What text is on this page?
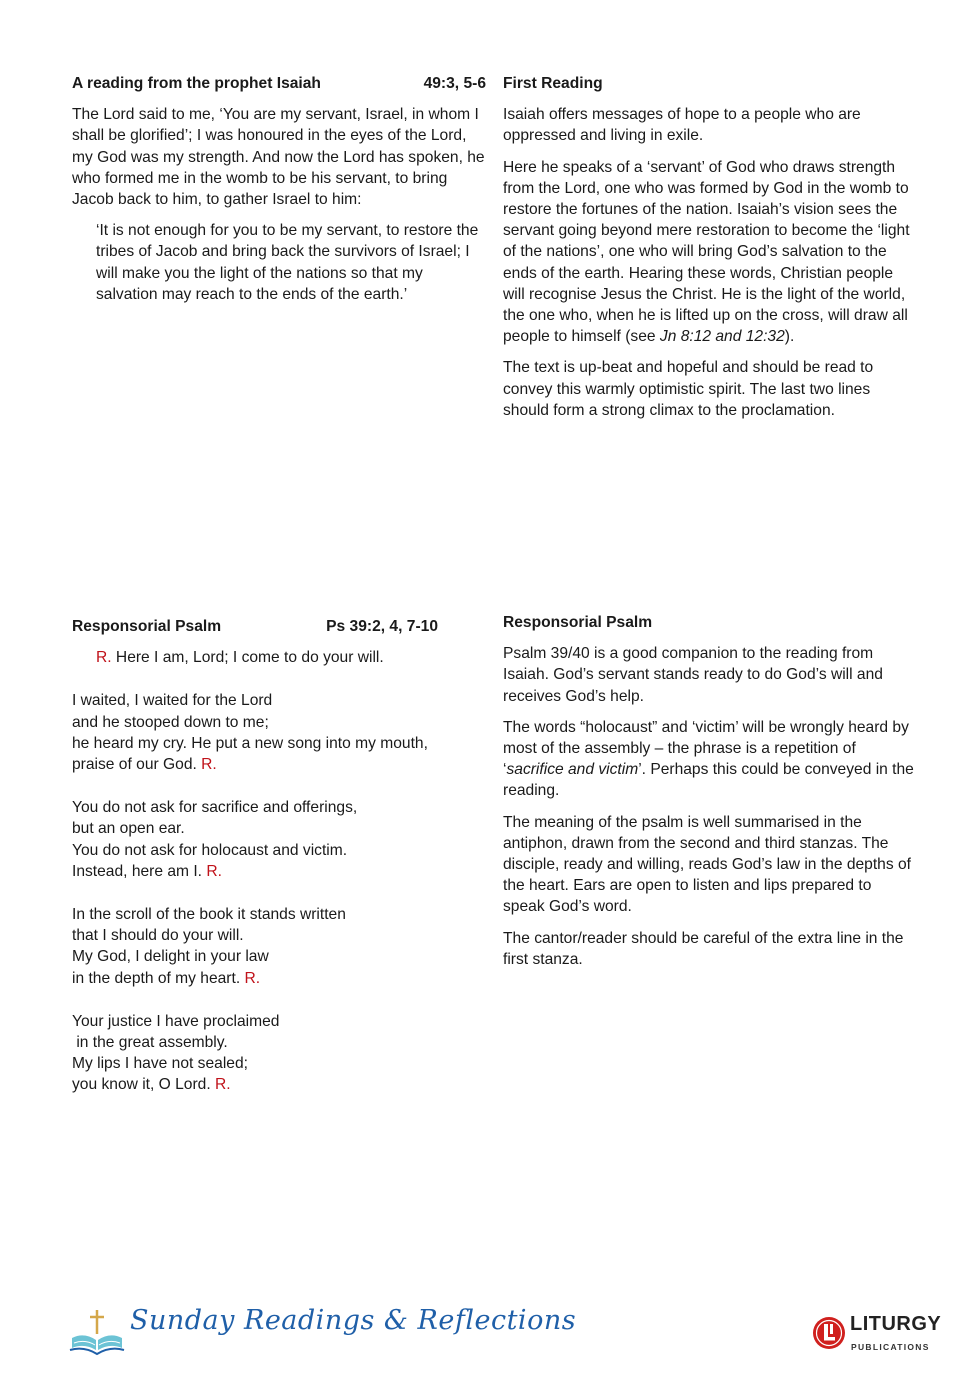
A reading from the prophet Isaiah	49:3, 5-6

The Lord said to me, ‘You are my servant, Israel, in whom I shall be glorified’; I was honoured in the eyes of the Lord, my God was my strength. And now the Lord has spoken, he who formed me in the womb to be his servant, to bring Jacob back to him, to gather Israel to him:

‘It is not enough for you to be my servant, to restore the tribes of Jacob and bring back the survivors of Israel; I will make you the light of the nations so that my salvation may reach to the ends of the earth.’

First Reading

Isaiah offers messages of hope to a people who are oppressed and living in exile.

Here he speaks of a ‘servant’ of God who draws strength from the Lord, one who was formed by God in the womb to restore the fortunes of the nation. Isaiah’s vision sees the servant going beyond mere restoration to become the ‘light of the nations’, one who will bring God’s salvation to the ends of the earth. Hearing these words, Christian people will recognise Jesus the Christ. He is the light of the world, the one who, when he is lifted up on the cross, will draw all people to himself (see Jn 8:12 and 12:32).

The text is up-beat and hopeful and should be read to convey this warmly optimistic spirit. The last two lines should form a strong climax to the proclamation.

Responsorial Psalm	Ps 39:2, 4, 7-10
R. Here I am, Lord; I come to do your will.
I waited, I waited for the Lord
and he stooped down to me;
he heard my cry. He put a new song into my mouth,
praise of our God. R.
You do not ask for sacrifice and offerings,
but an open ear.
You do not ask for holocaust and victim.
Instead, here am I. R.
In the scroll of the book it stands written
that I should do your will.
My God, I delight in your law
in the depth of my heart. R.
Your justice I have proclaimed
in the great assembly.
My lips I have not sealed;
you know it, O Lord. R.
Responsorial Psalm

Psalm 39/40 is a good companion to the reading from Isaiah. God’s servant stands ready to do God’s will and receives God’s help.

The words “holocaust” and ‘victim’ will be wrongly heard by most of the assembly – the phrase is a repetition of ‘sacrifice and victim’. Perhaps this could be conveyed in the reading.

The meaning of the psalm is well summarised in the antiphon, drawn from the second and third stanzas. The disciple, ready and willing, reads God’s law in the depths of the heart. Ears are open to listen and lips prepared to speak God’s word.

The cantor/reader should be careful of the extra line in the first stanza.

Sunday Readings & Reflections	LITURGY
PUBLICATIONS
